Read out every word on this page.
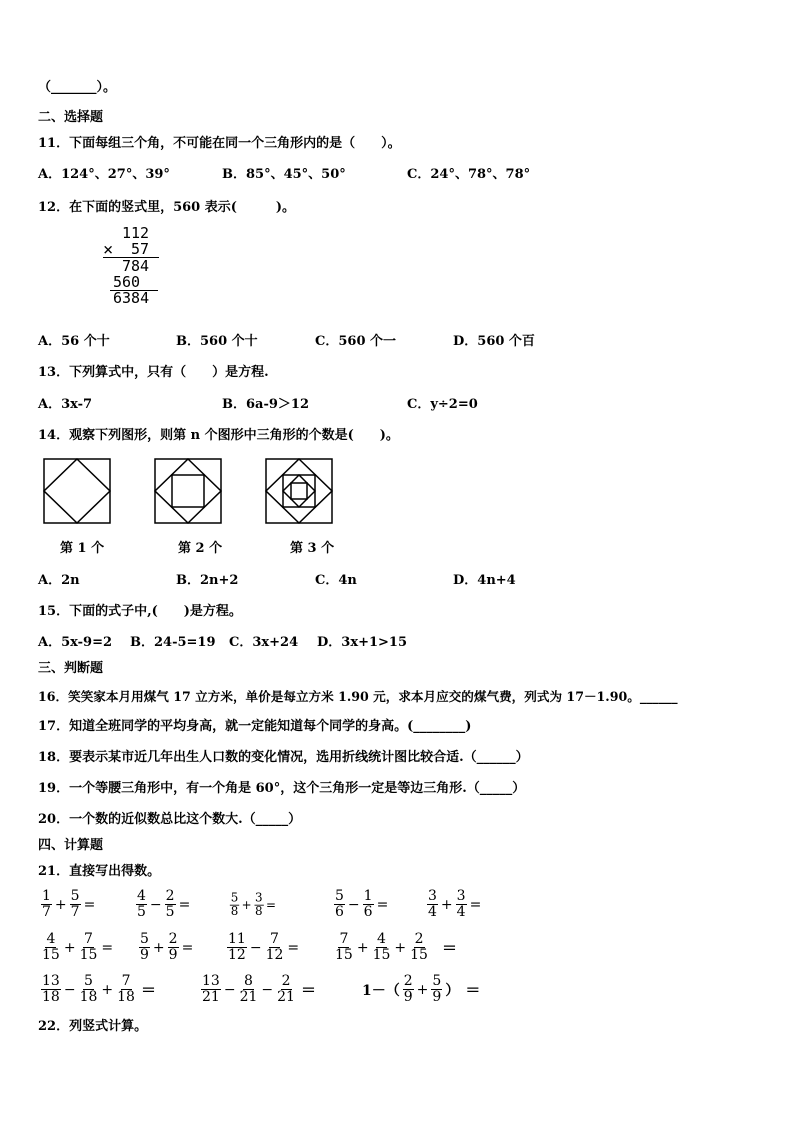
（_______）。
二、选择题
11．下面每组三个角，不可能在同一个三角形内的是（　　）。
A．124°、27°、39°	B．85°、45°、50°	C．24°、78°、78°
12．在下面的竖式里，560 表示(　　　)。
112
× 57
784
560
6384
A．56 个十	B．560 个十	C．560 个一	D．560 个百
13．下列算式中，只有（　　）是方程.
A．3x-7	B．6a-9＞12	C．y÷2=0
14．观察下列图形，则第 n 个图形中三角形的个数是(　　)。
第 1 个	第 2 个	第 3 个
A．2n	B．2n+2	C．4n	D．4n+4
15．下面的式子中,(　　)是方程。
A．5x-9=2 B．24-5=19 C．3x+24 D．3x+1>15
三、判断题
16．笑笑家本月用煤气 17 立方米，单价是每立方米 1.90 元，求本月应交的煤气费，列式为 17－1.90。______
17．知道全班同学的平均身高，就一定能知道每个同学的身高。(________)
18．要表示某市近几年出生人口数的变化情况，选用折线统计图比较合适.（______）
19．一个等腰三角形中，有一个角是 60°，这个三角形一定是等边三角形.（_____）
20．一个数的近似数总比这个数大.（_____）
四、计算题
21．直接写出得数。
1
$7 + \frac{5}{7}$ =
4
$5 - \frac{2}{5}$ =	5
$8 + \frac{3}{8}$ =
5
$6 - \frac{1}{6}$ =
3
$4 + \frac{3}{4}$ =
4
$15 + \frac{7}{15}$ =
5
$9 + \frac{2}{9}$ =
11
$12 - \frac{7}{12}$ =
7
$15 + \frac{4}{15} + \frac{2}{15}$ ＝
13
$18 - \frac{5}{18} + \frac{7}{18}$ ＝	13
$21 - \frac{8}{21} - \frac{2}{21}$ ＝	1－（
2
$9 + \frac{5}{9}$ ） ＝
22．列竖式计算。
